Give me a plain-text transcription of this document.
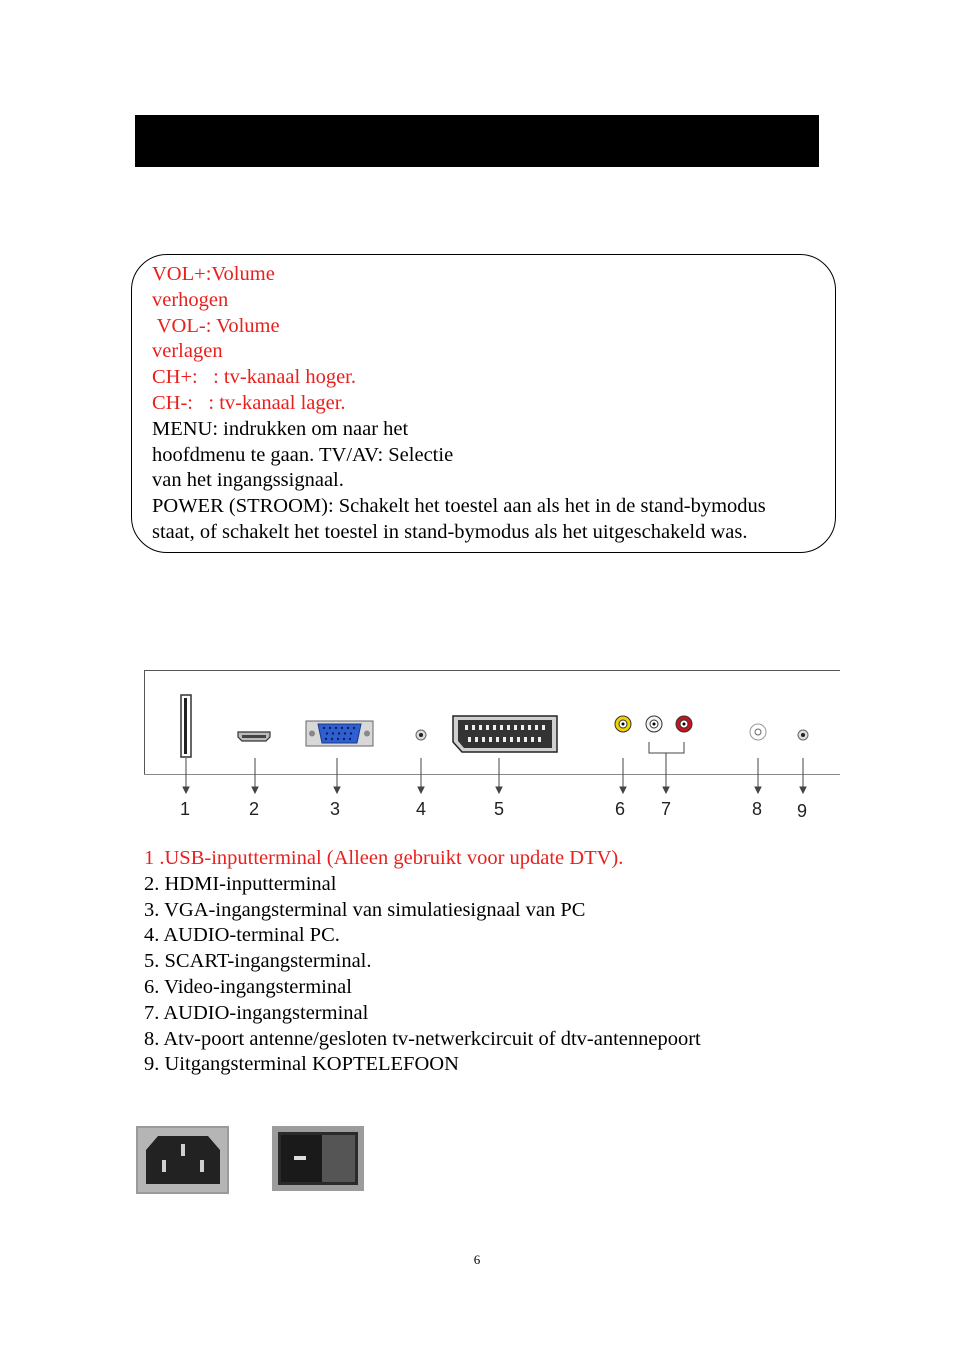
VOL+:Volume
verhogen
VOL-: Volume
verlagen
CH+:   : tv-kanaal hoger.
CH-:   : tv-kanaal lager.
MENU: indrukken om naar het
hoofdmenu te gaan. TV/AV: Selectie
van het ingangssignaal.
POWER (STROOM): Schakelt het toestel aan als het in de stand-bymodus
staat, of schakelt het toestel in stand-bymodus als het uitgeschakeld was.
1	2	3	4	5	6 7	8 9
1 .USB-inputterminal (Alleen gebruikt voor update DTV).
2. HDMI-inputterminal
3. VGA-ingangsterminal van simulatiesignaal van PC
4. AUDIO-terminal PC.
5. SCART-ingangsterminal.
6. Video-ingangsterminal
7. AUDIO-ingangsterminal
8. Atv-poort antenne/gesloten tv-netwerkcircuit of dtv-antennepoort
9. Uitgangsterminal KOPTELEFOON
6
